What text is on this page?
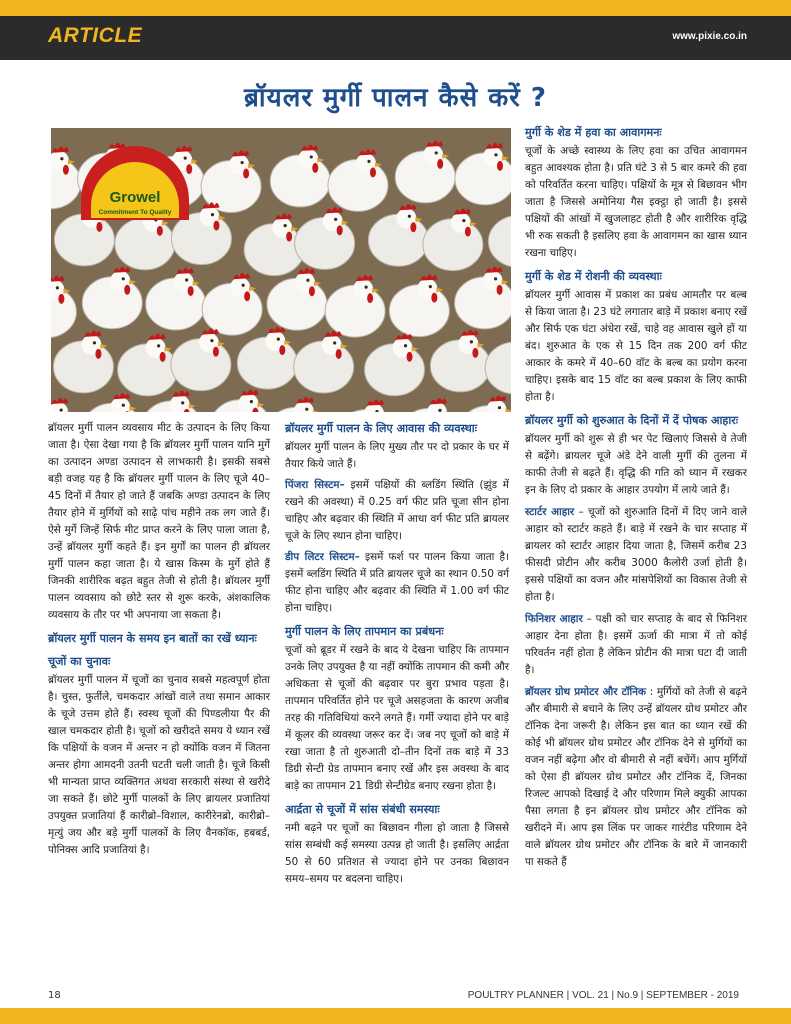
ARTICLE	www.pixie.co.in
ब्रॉयलर मुर्गी पालन कैसे करें ?
Growel
Commitment To Quality

ब्रॉयलर मुर्गी पालन व्यवसाय मीट के उत्पादन के लिए किया जाता है। ऐसा देखा गया है कि ब्रॉयलर मुर्गी पालन यानि मुर्गे का उत्पादन अण्डा उत्पादन से लाभकारी है। इसकी सबसे बड़ी वजह यह है कि ब्रॉयलर मुर्गी पालन के लिए चूजे 40–45 दिनों में तैयार हो जाते हैं जबकि अण्डा उत्पादन के लिए तैयार होने में मुर्गियों को साढ़े पांच महीने तक लग जाते हैं। ऐसे मुर्गे जिन्हें सिर्फ मीट प्राप्त करने के लिए पाला जाता है, उन्हें ब्रॉयलर मुर्गी कहते हैं। इन मुर्गों का पालन ही ब्रॉयलर मुर्गी पालन कहा जाता है। ये खास किस्म के मुर्गे होते हैं जिनकी शारीरिक बढ़त बहुत तेजी से होती है। ब्रॉयलर मुर्गी पालन व्यवसाय को छोटे स्तर से शुरू करके, अंशकालिक व्यवसाय के तौर पर भी अपनाया जा सकता है।

ब्रॉयलर मुर्गी पालन के समय इन बातों का रखें ध्यानः
चूजों का चुनावः

ब्रॉयलर मुर्गी पालन में चूजों का चुनाव सबसे महत्वपूर्ण होता है। चुस्त, फुर्तीले, चमकदार आंखों वाले तथा समान आकार के चूजे उत्तम होते हैं। स्वस्थ चूजों की पिण्डलीया पैर की खाल चमकदार होती है। चूजों को खरीदते समय ये ध्यान रखें कि पक्षियों के वजन में अन्तर न हो क्योंकि वजन में जितना अन्तर होगा आमदनी उतनी घटती चली जाती है। चूजे किसी भी मान्यता प्राप्त व्यक्तिगत अथवा सरकारी संस्था से खरीदे जा सकते हैं। छोटे मुर्गी पालकों के लिए ब्रायलर प्रजातियां उपयुक्त प्रजातियां हैं कारीब्रो–विशाल, कारीरेनब्रो, कारीब्रो– मृत्युं जय और बड़े मुर्गी पालकों के लिए वैनकॉक, हबबर्ड, पोनिक्स आदि प्रजातियां है।

ब्रॉयलर मुर्गी पालन के लिए आवास की व्यवस्थाः

ब्रॉयलर मुर्गी पालन के लिए मुख्य तौर पर दो प्रकार के घर में तैयार किये जाते हैं।

पिंजरा सिस्टम– इसमें पक्षियों की ब्लडिंग स्थिति (झुंड में रखने की अवस्था) में 0.25 वर्ग फीट प्रति चूजा सीन होना चाहिए और बढ़वार की स्थिति में आधा वर्ग फीट प्रति ब्रायलर चूजे के लिए स्थान होना चाहिए।

डीप लिटर सिस्टम– इसमें फर्श पर पालन किया जाता है। इसमें ब्लडिंग स्थिति में प्रति ब्रायलर चूजे का स्थान 0.50 वर्ग फीट होना चाहिए और बढ़वार की स्थिति में 1.00 वर्ग फीट होना चाहिए।

मुर्गी पालन के लिए तापमान का प्रबंधनः

चूजों को ब्रूडर में रखने के बाद ये देखना चाहिए कि तापमान उनके लिए उपयुक्त है या नहीं क्योंकि तापमान की कमी और अधिकता से चूजों की बढ़वार पर बुरा प्रभाव पड़ता है। तापमान परिवर्तित होने पर चूजे असहजता के कारण अजीब तरह की गतिविधियां करने लगते हैं। गर्मी ज्यादा होने पर बाड़े में कूलर की व्यवस्था जरूर कर दें। जब नए चूजों को बाड़े में रखा जाता है तो शुरुआती दो–तीन दिनों तक बाड़े में 33 डिग्री सेन्टी ग्रेड तापमान बनाए रखें और इस अवस्था के बाद बाड़े का तापमान 21 डिग्री सेन्टीग्रेड बनाए रखना होता है।

आर्द्रता से चूजों में सांस संबंधी समस्याः

नमी बढ़ने पर चूजों का बिछावन गीला हो जाता है जिससे सांस सम्बंधी कई समस्या उत्पन्न हो जाती है। इसलिए आर्द्रता 50 से 60 प्रतिशत से ज्यादा होने पर उनका बिछावन समय–समय पर बदलना चाहिए।

मुर्गी के शेड में हवा का आवागमनः

चूजों के अच्छे स्वास्थ्य के लिए हवा का उचित आवागमन बहुत आवश्यक होता है। प्रति घंटे 3 से 5 बार कमरे की हवा को परिवर्तित करना चाहिए। पक्षियों के मूत्र से बिछावन भीग जाता है जिससे अमोनिया गैस इक्ट्ठा हो जाती है। इससे पक्षियों की आंखों में खुजलाहट होती है और शारीरिक वृद्धि भी रुक सकती है इसलिए हवा के आवागमन का खास ध्यान रखना चाहिए।

मुर्गी के शेड में रोशनी की व्यवस्थाः

ब्रॉयलर मुर्गी आवास में प्रकाश का प्रबंध आमतौर पर बल्ब से किया जाता है। 23 घंटे लगातार बाड़े में प्रकाश बनाए रखें और सिर्फ एक घंटा अंधेरा रखें, चाहे वह आवास खुले हों या बंद। शुरुआत के एक से 15 दिन तक 200 वर्ग फीट आकार के कमरे में 40–60 वॉट के बल्ब का प्रयोग करना चाहिए। इसके बाद 15 वॉट का बल्ब प्रकाश के लिए काफी होता है।

ब्रॉयलर मुर्गी को शुरुआत के दिनों में दें पोषक आहारः

ब्रॉयलर मुर्गी को शुरू से ही भर पेट खिलाएं जिससे वे तेजी से बढ़ेंगे। ब्रायलर चूजे अंडे देने वाली मुर्गी की तुलना में काफी तेजी से बढ़ते हैं। वृद्धि की गति को ध्यान में रखकर इन के लिए दो प्रकार के आहार उपयोग में लाये जाते हैं।

स्टार्टर आहार – चूजों को शुरुआति दिनों में दिए जाने वाले आहार को स्टार्टर कहते हैं। बाड़े में रखने के चार सप्ताह में ब्रायलर को स्टार्टर आहार दिया जाता है, जिसमें करीब 23 फीसदी प्रोटीन और करीब 3000 कैलोरी उर्जा होती है। इससे पक्षियों का वजन और मांसपेशियों का विकास तेजी से होता है।

फिनिशर आहार – पक्षी को चार सप्ताह के बाद से फिनिशर आहार देना होता है। इसमें ऊर्जा की मात्रा में तो कोई परिवर्तन नहीं होता है लेकिन प्रोटीन की मात्रा घटा दी जाती है।

ब्रॉयलर ग्रोथ प्रमोटर और टॉनिक : मुर्गियों को तेजी से बढ़ने और बीमारी से बचाने के लिए उन्हें ब्रॉयलर ग्रोथ प्रमोटर और टॉनिक देना जरूरी है। लेकिन इस बात का ध्यान रखें की कोई भी ब्रॉयलर ग्रोथ प्रमोटर और टॉनिक देने से मुर्गियों का वजन नहीं बढ़ेगा और वो बीमारी से नहीं बचेंगें। आप मुर्गियों को ऐसा ही ब्रॉयलर ग्रोथ प्रमोटर और टॉनिक दें, जिनका रिजल्ट आपको दिखाई दे और परिणाम मिले क्युकी आपका पैसा लगता है इन ब्रॉयलर ग्रोथ प्रमोटर और टॉनिक को खरीदने में। आप इस लिंक पर जाकर गारंटीड परिणाम देने वाले ब्रॉयलर ग्रोथ प्रमोटर और टॉनिक के बारे में जानकारी पा सकते हैं

18	POULTRY PLANNER | VOL. 21 | No.9 | SEPTEMBER - 2019
